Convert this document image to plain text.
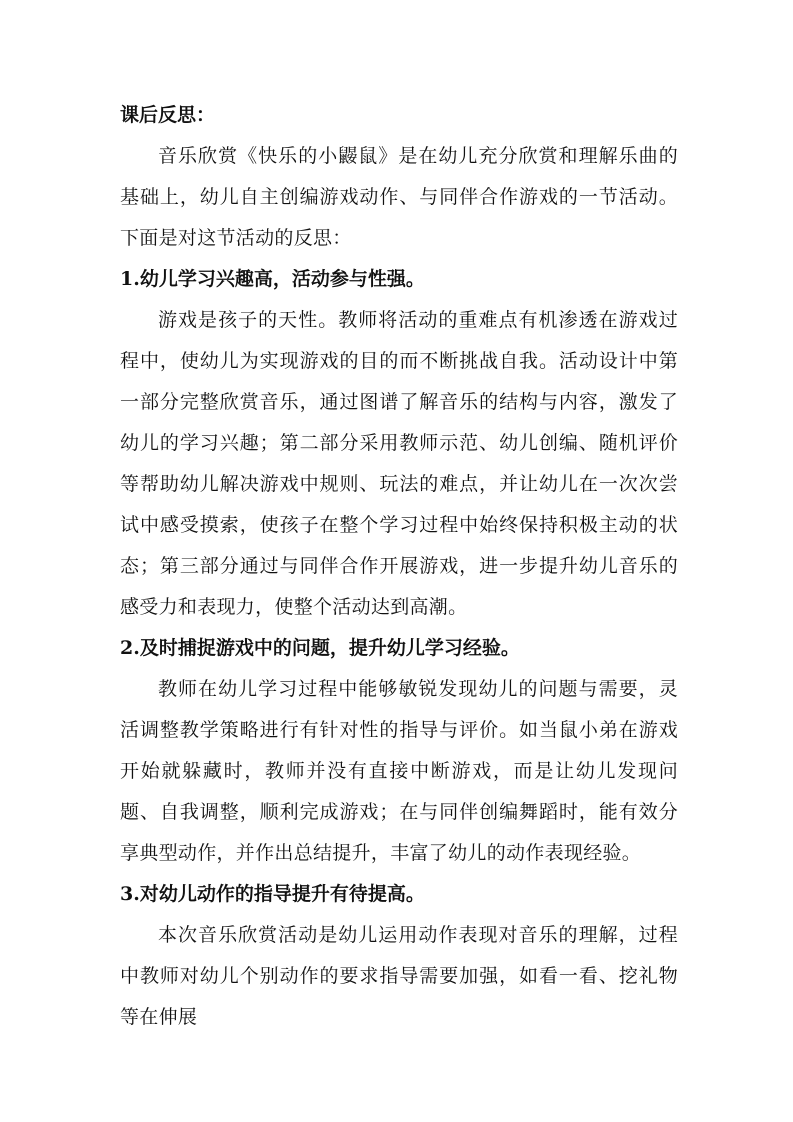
课后反思：

音乐欣赏《快乐的小鼹鼠》是在幼儿充分欣赏和理解乐曲的基础上，幼儿自主创编游戏动作、与同伴合作游戏的一节活动。下面是对这节活动的反思：

1.幼儿学习兴趣高，活动参与性强。

游戏是孩子的天性。教师将活动的重难点有机渗透在游戏过程中，使幼儿为实现游戏的目的而不断挑战自我。活动设计中第一部分完整欣赏音乐，通过图谱了解音乐的结构与内容，激发了幼儿的学习兴趣；第二部分采用教师示范、幼儿创编、随机评价等帮助幼儿解决游戏中规则、玩法的难点，并让幼儿在一次次尝试中感受摸索，使孩子在整个学习过程中始终保持积极主动的状态；第三部分通过与同伴合作开展游戏，进一步提升幼儿音乐的感受力和表现力，使整个活动达到高潮。

2.及时捕捉游戏中的问题，提升幼儿学习经验。

教师在幼儿学习过程中能够敏锐发现幼儿的问题与需要，灵活调整教学策略进行有针对性的指导与评价。如当鼠小弟在游戏开始就躲藏时，教师并没有直接中断游戏，而是让幼儿发现问题、自我调整，顺利完成游戏；在与同伴创编舞蹈时，能有效分享典型动作，并作出总结提升，丰富了幼儿的动作表现经验。

3.对幼儿动作的指导提升有待提高。

本次音乐欣赏活动是幼儿运用动作表现对音乐的理解，过程中教师对幼儿个别动作的要求指导需要加强，如看一看、挖礼物等在伸展
